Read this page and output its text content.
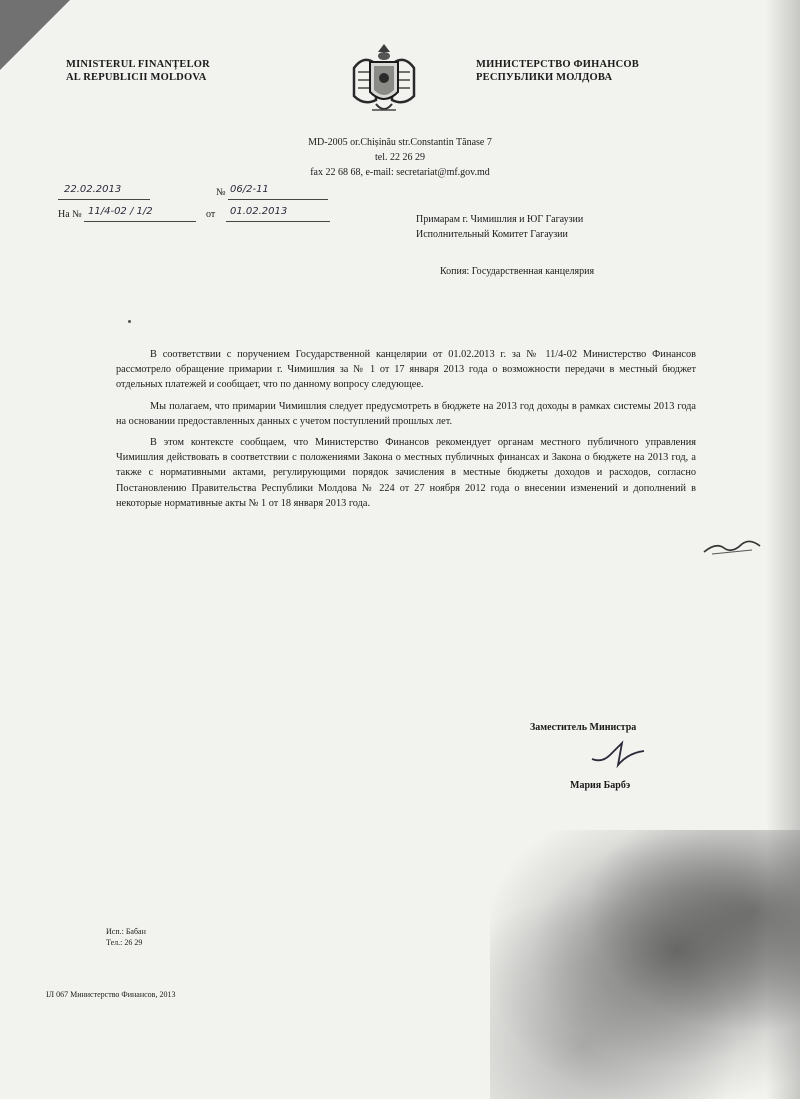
MINISTERUL FINANȚELOR
AL REPUBLICII MOLDOVA
МИНИСТЕРСТВО ФИНАНСОВ
РЕСПУБЛИКИ МОЛДОВА
MD-2005 or.Chișinău str.Constantin Tănase 7
tel. 22 26 29
fax 22 68 68, e-mail: secretariat@mf.gov.md
22.02.2013	№ 06/2-11
На № 11/4-02 / 1/2	от 01.02.2013
Примарам г. Чимишлия и ЮГ Гагаузии
Исполнительный Комитет Гагаузии
Копия: Государственная канцелярия

В соответствии с поручением Государственной канцелярии от 01.02.2013 г. за № 11/4-02 Министерство Финансов рассмотрело обращение примарии г. Чимишлия за № 1 от 17 января 2013 года о возможности передачи в местный бюджет отдельных платежей и сообщает, что по данному вопросу следующее.

Мы полагаем, что примарии Чимишлия следует предусмотреть в бюджете на 2013 год доходы в рамках системы 2013 года на основании предоставленных данных с учетом поступлений прошлых лет.

В этом контексте сообщаем, что Министерство Финансов рекомендует органам местного публичного управления Чимишлия действовать в соответствии с положениями Закона о местных публичных финансах и Закона о бюджете на 2013 год, а также с нормативными актами, регулирующими порядок зачисления в местные бюджеты доходов и расходов, согласно Постановлению Правительства Республики Молдова № 224 от 27 ноября 2012 года о внесении изменений и дополнений в некоторые нормативные акты № 1 от 18 января 2013 года.

Заместитель Министра
Мария Барбэ
Исп.: Бабан
Тел.: 26 29
ІЛ 067 Министерство Финансов, 2013
